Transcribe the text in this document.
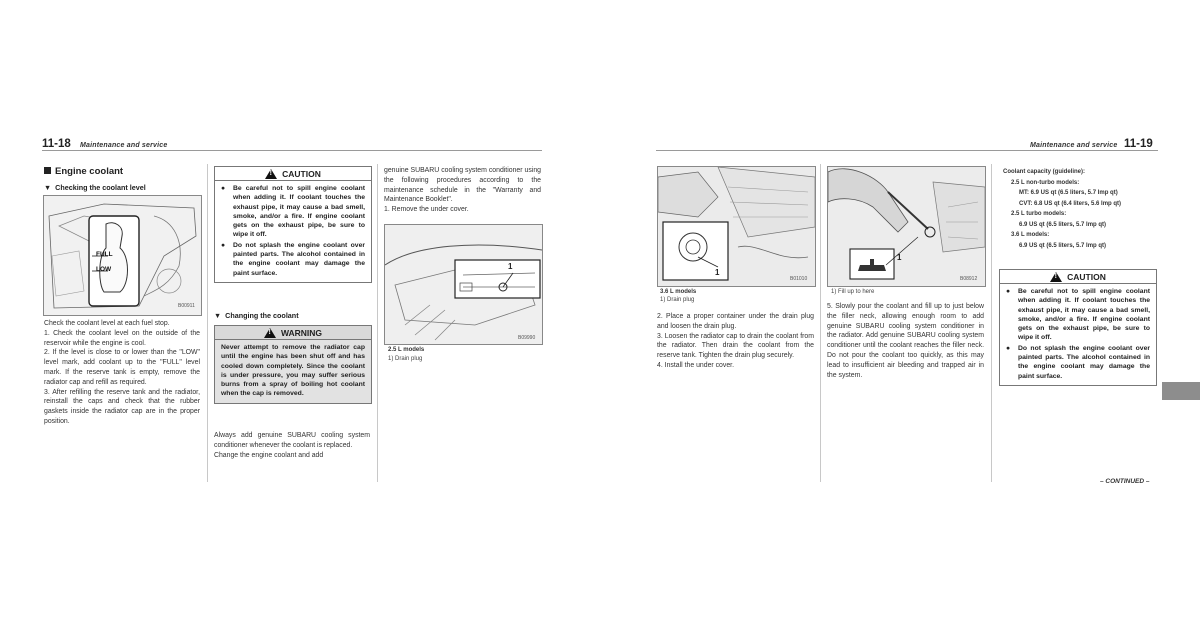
11-18 Maintenance and service
Engine coolant
▼ Checking the coolant level
FULL
LOW
B00911

Check the coolant level at each fuel stop.

1. Check the coolant level on the outside of the reservoir while the engine is cool.

2. If the level is close to or lower than the "LOW" level mark, add coolant up to the "FULL" level mark. If the reserve tank is empty, remove the radiator cap and refill as required.

3. After refilling the reserve tank and the radiator, reinstall the caps and check that the rubber gaskets inside the radiator cap are in the proper position.

!
CAUTION
●	Be careful not to spill engine coolant when adding it. If coolant touches the exhaust pipe, it may cause a bad smell, smoke, and/or a fire. If engine coolant gets on the exhaust pipe, be sure to wipe it off.
●	Do not splash the engine coolant over painted parts. The alcohol contained in the engine coolant may damage the paint surface.
▼ Changing the coolant
!
WARNING
Never attempt to remove the radiator cap until the engine has been shut off and has cooled down completely. Since the coolant is under pressure, you may suffer serious burns from a spray of boiling hot coolant when the cap is removed.

Always add genuine SUBARU cooling system conditioner whenever the coolant is replaced.

Change the engine coolant and add

genuine SUBARU cooling system conditioner using the following procedures according to the maintenance schedule in the "Warranty and Maintenance Booklet".

1. Remove the under cover.

1
B09990
2.5 L models
1) Drain plug
Maintenance and service 11-19
1
B01010
3.6 L models
1) Drain plug

2. Place a proper container under the drain plug and loosen the drain plug.

3. Loosen the radiator cap to drain the coolant from the radiator. Then drain the coolant from the reserve tank. Tighten the drain plug securely.

4. Install the under cover.

1
B08912
1) Fill up to here

5. Slowly pour the coolant and fill up to just below the filler neck, allowing enough room to add genuine SUBARU cooling system conditioner in the radiator. Add genuine SUBARU cooling system conditioner until the coolant reaches the filler neck. Do not pour the coolant too quickly, as this may lead to insufficient air bleeding and trapped air in the system.

Coolant capacity (guideline):
2.5 L non-turbo models:
MT: 6.9 US qt (6.5 liters, 5.7 Imp qt)
CVT: 6.8 US qt (6.4 liters, 5.6 Imp qt)
2.5 L turbo models:
6.9 US qt (6.5 liters, 5.7 Imp qt)
3.6 L models:
6.9 US qt (6.5 liters, 5.7 Imp qt)
!
CAUTION
●	Be careful not to spill engine coolant when adding it. If coolant touches the exhaust pipe, it may cause a bad smell, smoke, and/or a fire. If engine coolant gets on the exhaust pipe, be sure to wipe it off.
●	Do not splash the engine coolant over painted parts. The alcohol contained in the engine coolant may damage the paint surface.
– CONTINUED –
